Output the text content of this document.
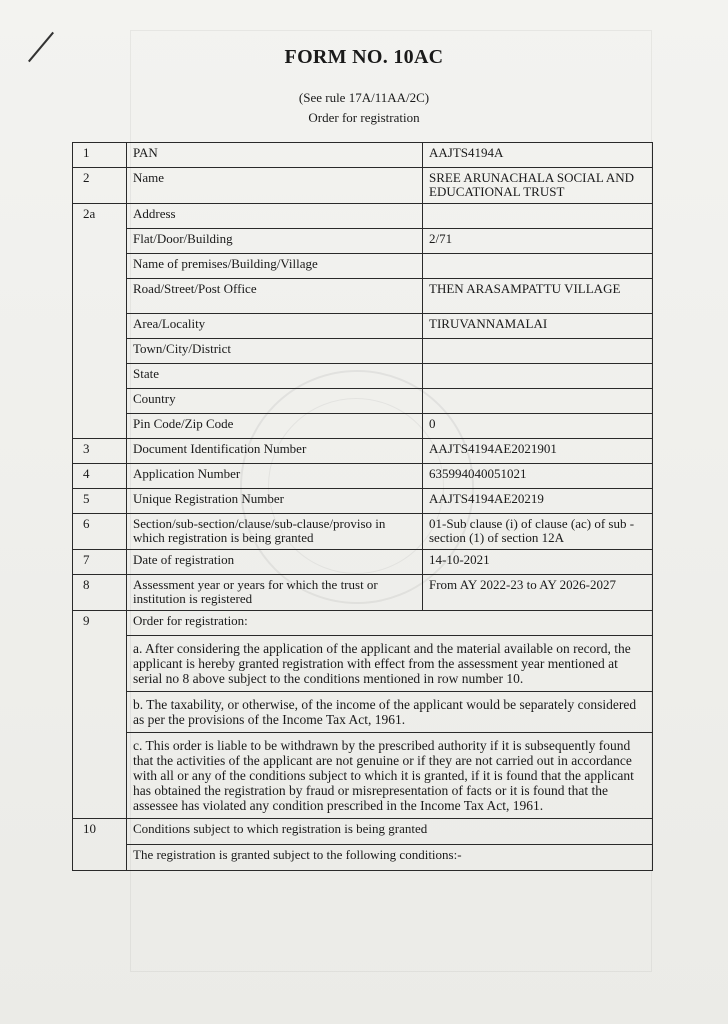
FORM NO. 10AC
(See rule 17A/11AA/2C)
Order for registration
1	PAN	AAJTS4194A
2	Name	SREE ARUNACHALA SOCIAL AND EDUCATIONAL TRUST
2a	Address	
	Flat/Door/Building	2/71
	Name of premises/Building/Village	
	Road/Street/Post Office	THEN ARASAMPATTU VILLAGE
	Area/Locality	TIRUVANNAMALAI
	Town/City/District	
	State	
	Country	
	Pin Code/Zip Code	0
3	Document Identification Number	AAJTS4194AE2021901
4	Application Number	635994040051021
5	Unique Registration Number	AAJTS4194AE20219
6	Section/sub-section/clause/sub-clause/proviso in which registration is being granted	01-Sub clause (i) of clause (ac) of sub -section (1) of section 12A
7	Date of registration	14-10-2021
8	Assessment year or years for which the trust or institution is registered	From AY 2022-23 to AY 2026-2027
9	Order for registration:	
	a. After considering the application of the applicant and the material available on record, the applicant is hereby granted registration with effect from the assessment year mentioned at serial no 8 above subject to the conditions mentioned in row number 10.	
	b. The taxability, or otherwise, of the income of the applicant would be separately considered as per the provisions of the Income Tax Act, 1961.	
	c. This order is liable to be withdrawn by the prescribed authority if it is subsequently found that the activities of the applicant are not genuine or if they are not carried out in accordance with all or any of the conditions subject to which it is granted, if it is found that the applicant has obtained the registration by fraud or misrepresentation of facts or it is found that the assessee has violated any condition prescribed in the Income Tax Act, 1961.	
10	Conditions subject to which registration is being granted	
	The registration is granted subject to the following conditions:-	
